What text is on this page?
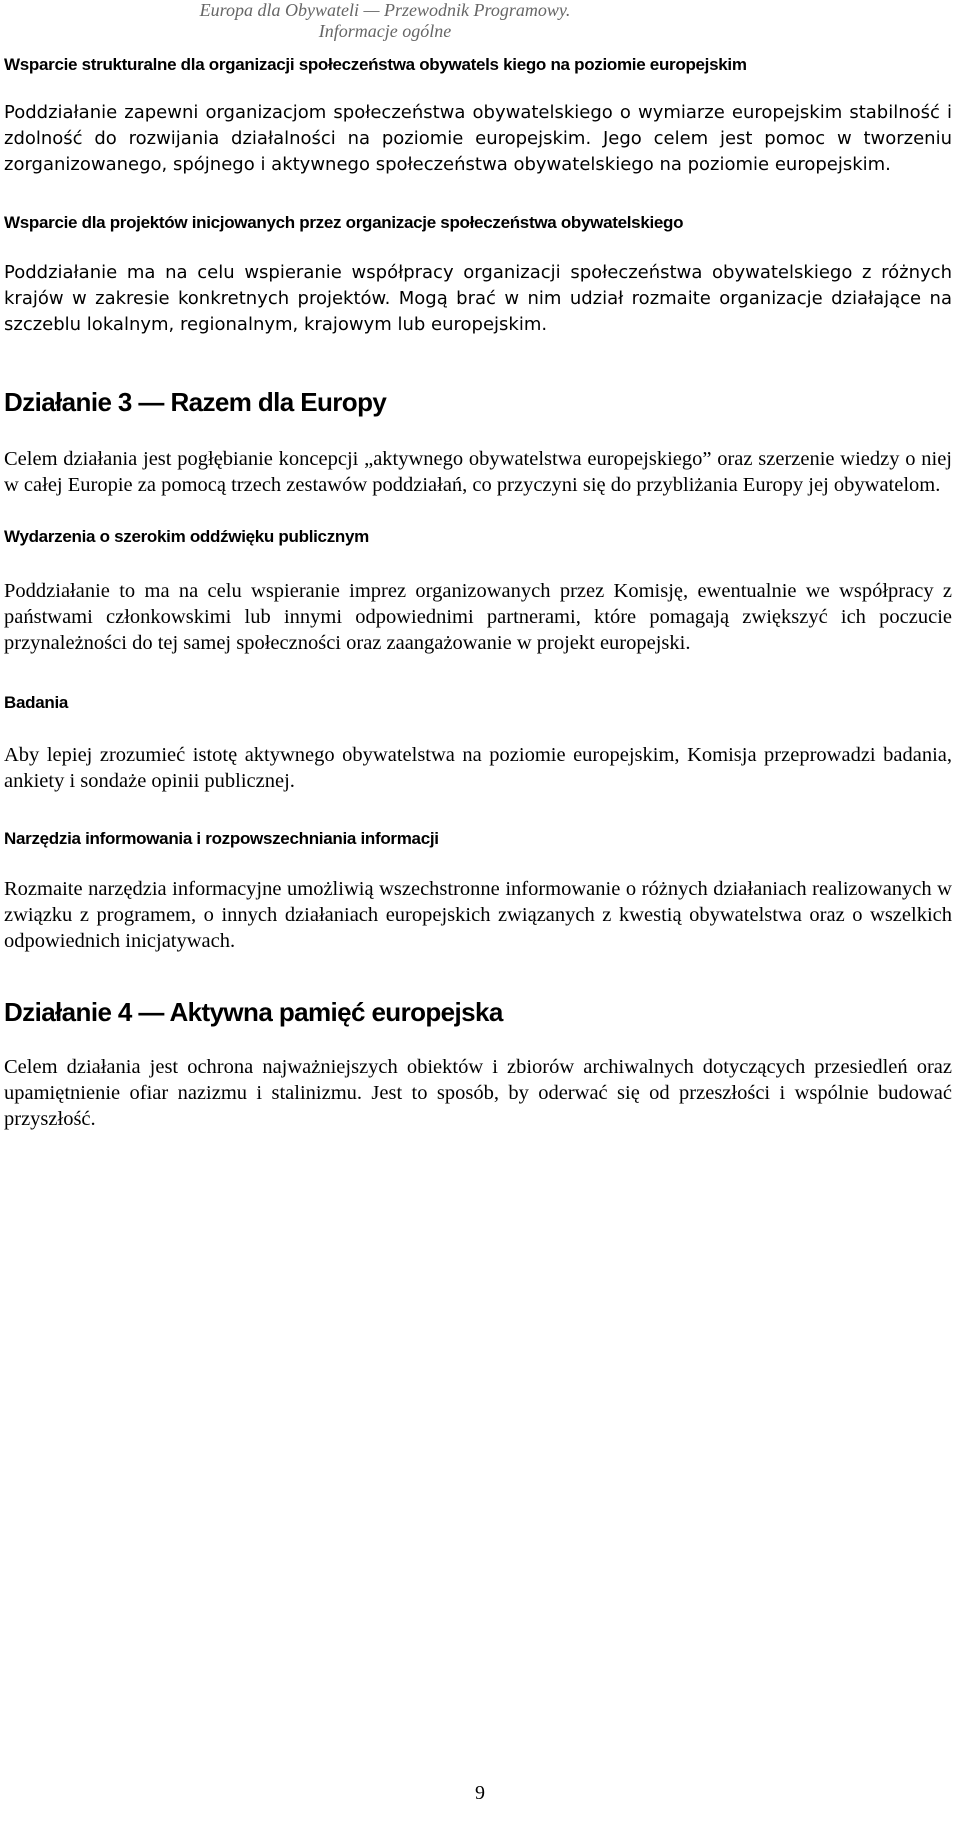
Europa dla Obywateli — Przewodnik Programowy.
Informacje ogólne
Wsparcie strukturalne dla organizacji społeczeństwa obywatels kiego na poziomie europejskim

Poddziałanie zapewni organizacjom społeczeństwa obywatelskiego o wymiarze europejskim stabilność i zdolność do rozwijania działalności na poziomie europejskim. Jego celem jest pomoc w tworzeniu zorganizowanego, spójnego i aktywnego społeczeństwa obywatelskiego na poziomie europejskim.

Wsparcie dla projektów inicjowanych przez organizacje społeczeństwa obywatelskiego

Poddziałanie ma na celu wspieranie współpracy organizacji społeczeństwa obywatelskiego z różnych krajów w zakresie konkretnych projektów. Mogą brać w nim udział rozmaite organizacje działające na szczeblu lokalnym, regionalnym, krajowym lub europejskim.

Działanie 3 — Razem dla Europy

Celem działania jest pogłębianie koncepcji „aktywnego obywatelstwa europejskiego” oraz szerzenie wiedzy o niej w całej Europie za pomocą trzech zestawów poddziałań, co przyczyni się do przybliżania Europy jej obywatelom.

Wydarzenia o szerokim oddźwięku publicznym

Poddziałanie to ma na celu wspieranie imprez organizowanych przez Komisję, ewentualnie we współpracy z państwami członkowskimi lub innymi odpowiednimi partnerami, które pomagają zwiększyć ich poczucie przynależności do tej samej społeczności oraz zaangażowanie w projekt europejski.

Badania

Aby lepiej zrozumieć istotę aktywnego obywatelstwa na poziomie europejskim, Komisja przeprowadzi badania, ankiety i sondaże opinii publicznej.

Narzędzia informowania i rozpowszechniania informacji

Rozmaite narzędzia informacyjne umożliwią wszechstronne informowanie o różnych działaniach realizowanych w związku z programem, o innych działaniach europejskich związanych z kwestią obywatelstwa oraz o wszelkich odpowiednich inicjatywach.

Działanie 4 — Aktywna pamięć europejska

Celem działania jest ochrona najważniejszych obiektów i zbiorów archiwalnych dotyczących przesiedleń oraz upamiętnienie ofiar nazizmu i stalinizmu. Jest to sposób, by oderwać się od przeszłości i wspólnie budować przyszłość.

9
